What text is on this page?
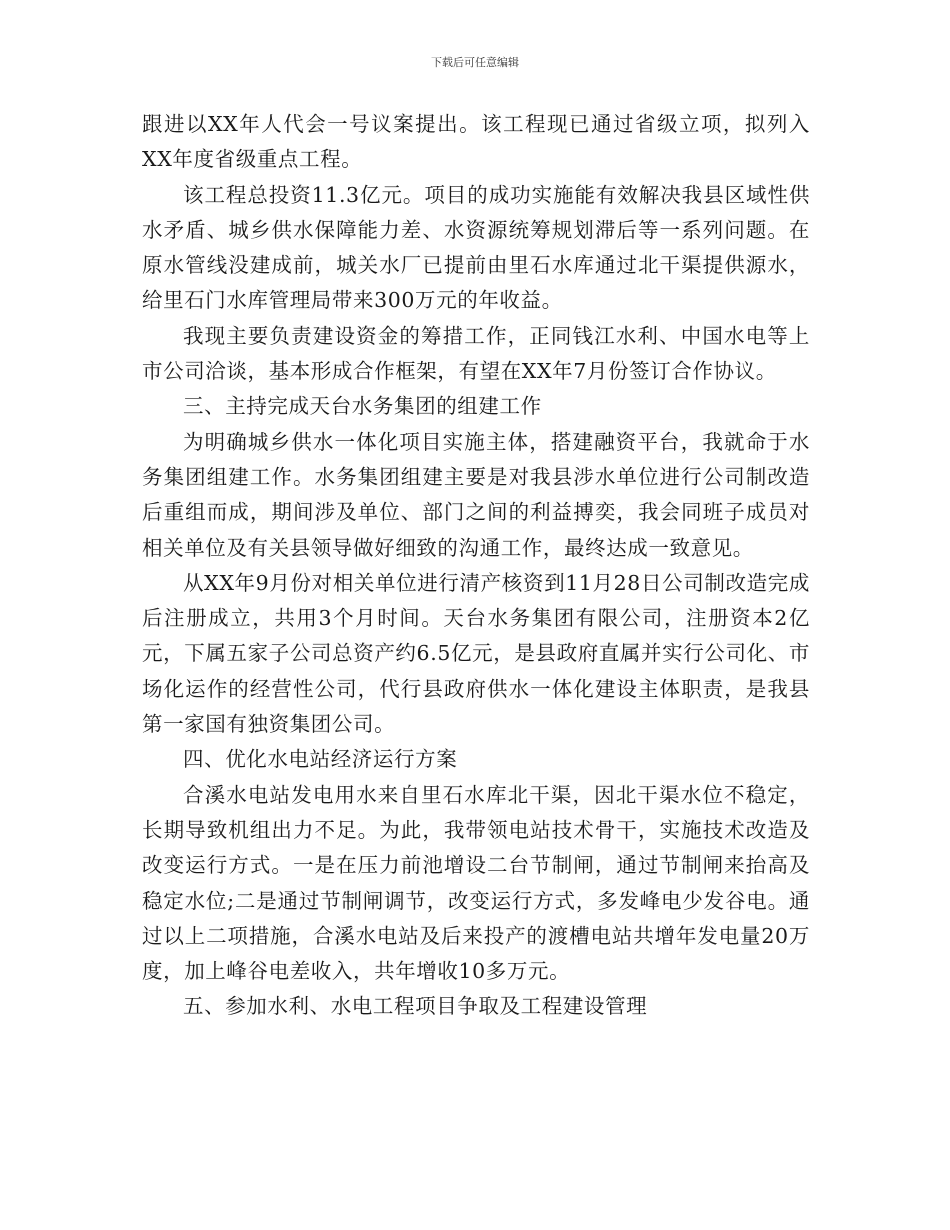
下载后可任意编辑

跟进以XX年人代会一号议案提出。该工程现已通过省级立项，拟列入XX年度省级重点工程。

该工程总投资11.3亿元。项目的成功实施能有效解决我县区域性供水矛盾、城乡供水保障能力差、水资源统筹规划滞后等一系列问题。在原水管线没建成前，城关水厂已提前由里石水库通过北干渠提供源水，给里石门水库管理局带来300万元的年收益。

我现主要负责建设资金的筹措工作，正同钱江水利、中国水电等上市公司洽谈，基本形成合作框架，有望在XX年7月份签订合作协议。

三、主持完成天台水务集团的组建工作

为明确城乡供水一体化项目实施主体，搭建融资平台，我就命于水务集团组建工作。水务集团组建主要是对我县涉水单位进行公司制改造后重组而成，期间涉及单位、部门之间的利益搏奕，我会同班子成员对相关单位及有关县领导做好细致的沟通工作，最终达成一致意见。

从XX年9月份对相关单位进行清产核资到11月28日公司制改造完成后注册成立，共用3个月时间。天台水务集团有限公司，注册资本2亿元，下属五家子公司总资产约6.5亿元，是县政府直属并实行公司化、市场化运作的经营性公司，代行县政府供水一体化建设主体职责，是我县第一家国有独资集团公司。

四、优化水电站经济运行方案

合溪水电站发电用水来自里石水库北干渠，因北干渠水位不稳定，长期导致机组出力不足。为此，我带领电站技术骨干，实施技术改造及改变运行方式。一是在压力前池增设二台节制闸，通过节制闸来抬高及稳定水位;二是通过节制闸调节，改变运行方式，多发峰电少发谷电。通过以上二项措施，合溪水电站及后来投产的渡槽电站共增年发电量20万度，加上峰谷电差收入，共年增收10多万元。

五、参加水利、水电工程项目争取及工程建设管理
